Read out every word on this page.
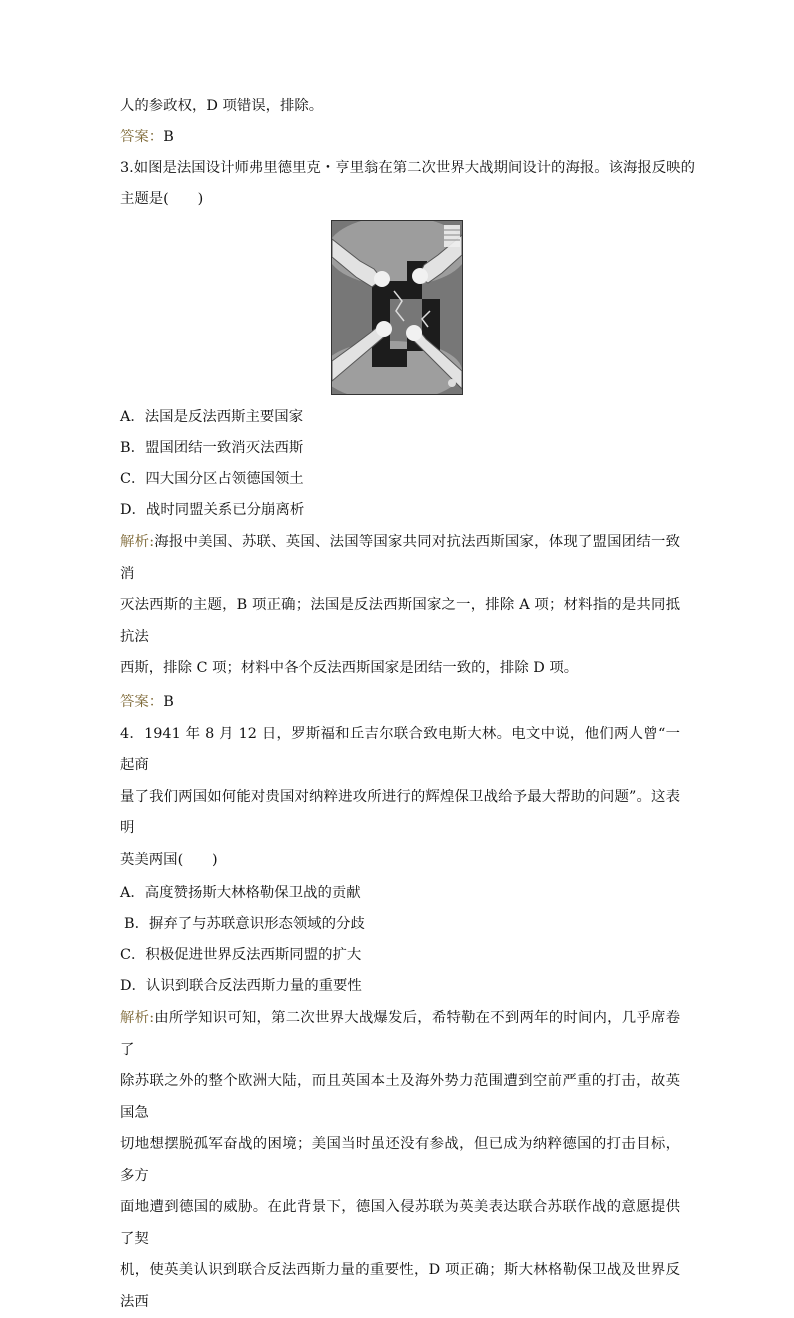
人的参政权，D 项错误，排除。

答案：B

3.如图是法国设计师弗里德里克・亨里翁在第二次世界大战期间设计的海报。该海报反映的

主题是(　　)

A．法国是反法西斯主要国家

B．盟国团结一致消灭法西斯

C．四大国分区占领德国领土

D．战时同盟关系已分崩离析

解析:海报中美国、苏联、英国、法国等国家共同对抗法西斯国家，体现了盟国团结一致消
灭法西斯的主题，B 项正确；法国是反法西斯国家之一，排除 A 项；材料指的是共同抵抗法
西斯，排除 C 项；材料中各个反法西斯国家是团结一致的，排除 D 项。

答案：B

4．1941 年 8 月 12 日，罗斯福和丘吉尔联合致电斯大林。电文中说，他们两人曾“一起商
量了我们两国如何能对贵国对纳粹进攻所进行的辉煌保卫战给予最大帮助的问题”。这表明
英美两国(　　)

A．高度赞扬斯大林格勒保卫战的贡献

B．摒弃了与苏联意识形态领域的分歧

C．积极促进世界反法西斯同盟的扩大

D．认识到联合反法西斯力量的重要性

解析:由所学知识可知，第二次世界大战爆发后，希特勒在不到两年的时间内，几乎席卷了
除苏联之外的整个欧洲大陆，而且英国本土及海外势力范围遭到空前严重的打击，故英国急
切地想摆脱孤军奋战的困境；美国当时虽还没有参战，但已成为纳粹德国的打击目标，多方
面地遭到德国的威胁。在此背景下，德国入侵苏联为英美表达联合苏联作战的意愿提供了契
机，使英美认识到联合反法西斯力量的重要性，D 项正确；斯大林格勒保卫战及世界反法西
